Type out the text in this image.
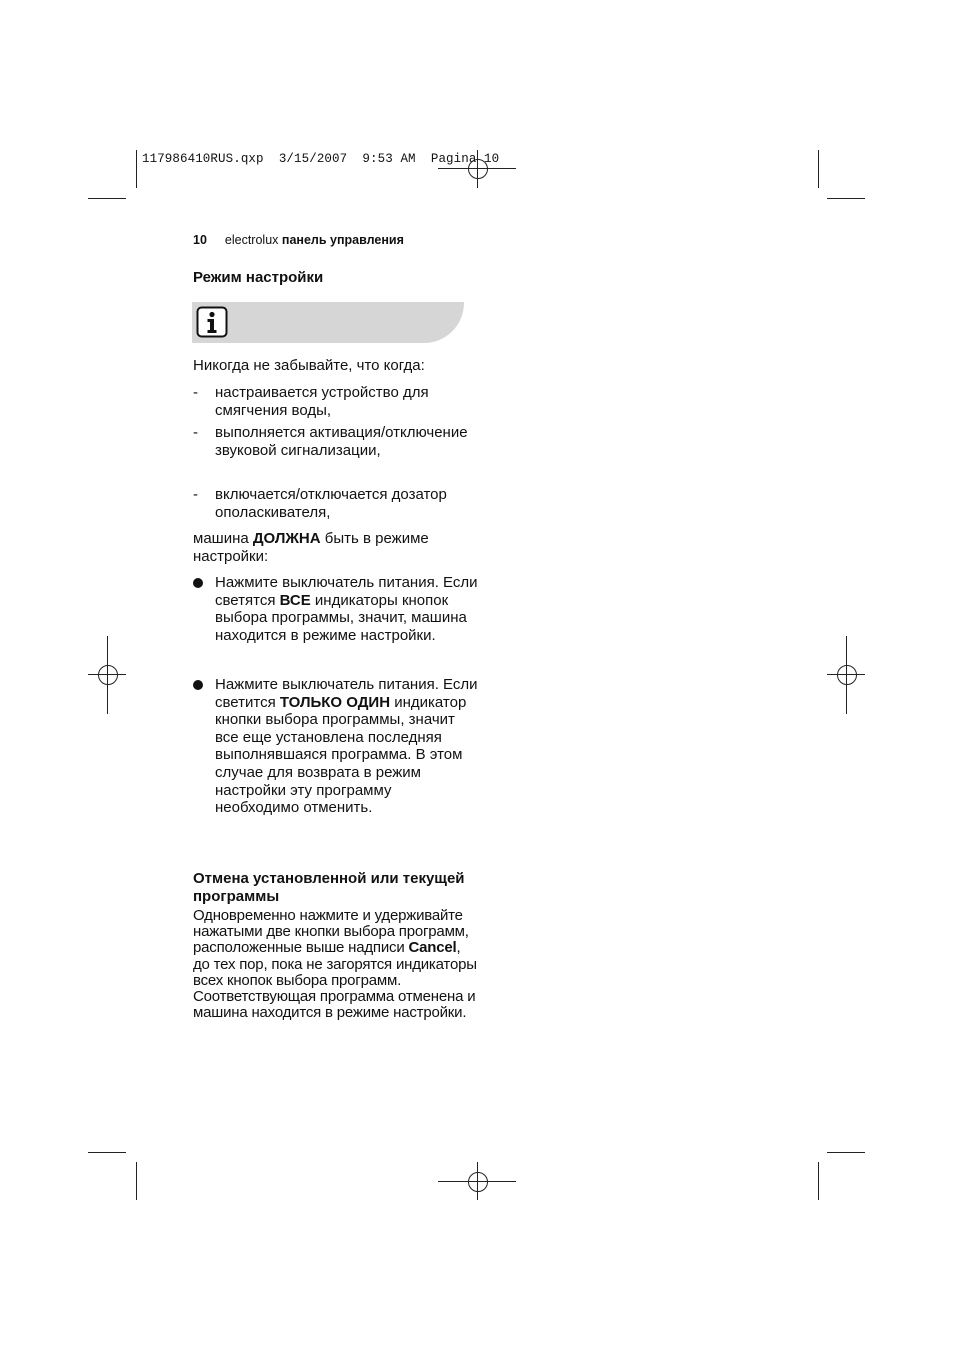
117986410RUS.qxp  3/15/2007  9:53 AM  Pagina 10
10 electrolux панель управления
Режим настройки

Никогда не забывайте, что когда:

- настраивается устройство для смягчения воды,

- выполняется активация/отключение звуковой сигнализации,

- включается/отключается дозатор ополаскивателя,

машина ДОЛЖНА быть в режиме настройки:

Нажмите выключатель питания. Если светятся ВСЕ индикаторы кнопок выбора программы, значит, машина находится в режиме настройки.

Нажмите выключатель питания. Если светится ТОЛЬКО ОДИН индикатор кнопки выбора программы, значит все еще установлена последняя выполнявшаяся программа. В этом случае для возврата в режим настройки эту программу необходимо отменить.

Отмена установленной или текущей программы
Одновременно нажмите и удерживайте нажатыми две кнопки выбора программ, расположенные выше надписи Cancel, до тех пор, пока не загорятся индикаторы всех кнопок выбора программ. Соответствующая программа отменена и машина находится в режиме настройки.
